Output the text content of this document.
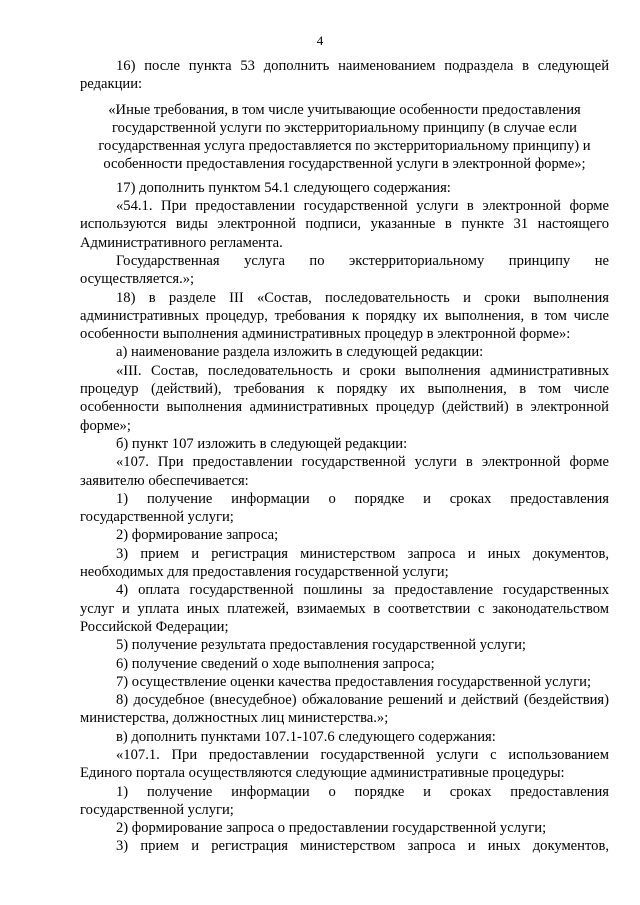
4

16) после пункта 53 дополнить наименованием подраздела в следующей редакции:

«Иные требования, в том числе учитывающие особенности предоставления государственной услуги по экстерриториальному принципу (в случае если государственная услуга предоставляется по экстерриториальному принципу) и особенности предоставления государственной услуги в электронной форме»;

17) дополнить пунктом 54.1 следующего содержания:

«54.1. При предоставлении государственной услуги в электронной форме используются виды электронной подписи, указанные в пункте 31 настоящего Административного регламента.

Государственная услуга по экстерриториальному принципу не осуществляется.»;

18) в разделе III «Состав, последовательность и сроки выполнения административных процедур, требования к порядку их выполнения, в том числе особенности выполнения административных процедур в электронной форме»:

а) наименование раздела изложить в следующей редакции:

«III. Состав, последовательность и сроки выполнения административных процедур (действий), требования к порядку их выполнения, в том числе особенности выполнения административных процедур (действий) в электронной форме»;

б) пункт 107 изложить в следующей редакции:

«107. При предоставлении государственной услуги в электронной форме заявителю обеспечивается:

1) получение информации о порядке и сроках предоставления государственной услуги;

2) формирование запроса;

3) прием и регистрация министерством запроса и иных документов, необходимых для предоставления государственной услуги;

4) оплата государственной пошлины за предоставление государственных услуг и уплата иных платежей, взимаемых в соответствии с законодательством Российской Федерации;

5) получение результата предоставления государственной услуги;

6) получение сведений о ходе выполнения запроса;

7) осуществление оценки качества предоставления государственной услуги;

8) досудебное (внесудебное) обжалование решений и действий (бездействия) министерства, должностных лиц министерства.»;

в) дополнить пунктами 107.1-107.6 следующего содержания:

«107.1. При предоставлении государственной услуги с использованием Единого портала осуществляются следующие административные процедуры:

1) получение информации о порядке и сроках предоставления государственной услуги;

2) формирование запроса о предоставлении государственной услуги;

3) прием и регистрация министерством запроса и иных документов,
